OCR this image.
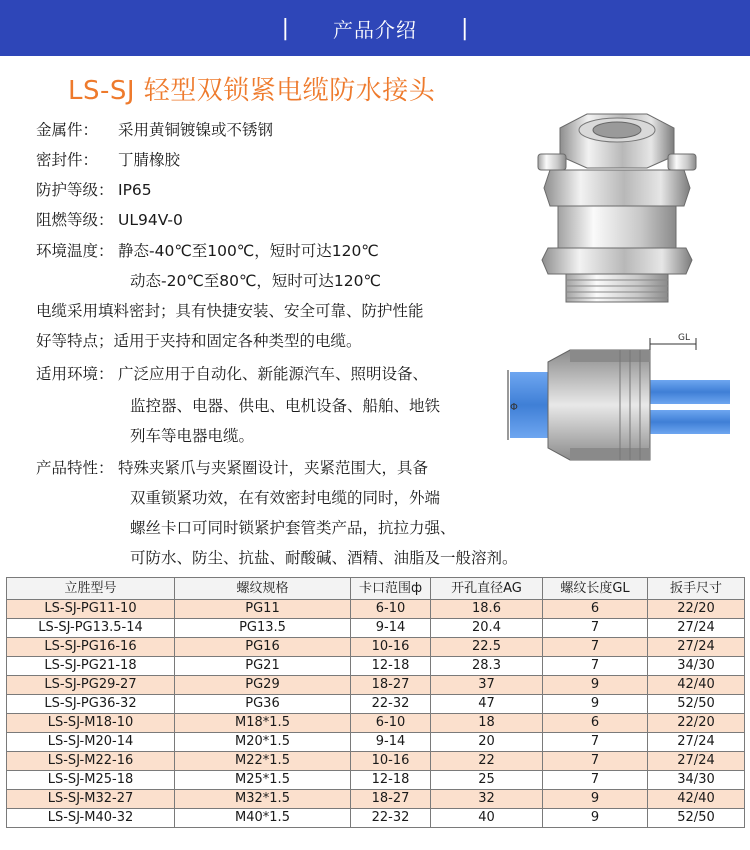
| 产品介绍 |
LS-SJ 轻型双锁紧电缆防水接头
金属件： 采用黄铜镀镍或不锈钢
密封件： 丁腈橡胶
防护等级： IP65
阻燃等级： UL94V-0
环境温度： 静态-40℃至100℃，短时可达120℃
动态-20℃至80℃，短时可达120℃
电缆采用填料密封；具有快捷安装、安全可靠、防护性能
好等特点；适用于夹持和固定各种类型的电缆。
适用环境： 广泛应用于自动化、新能源汽车、照明设备、
监控器、电器、供电、电机设备、船舶、地铁
列车等电器电缆。
产品特性： 特殊夹紧爪与夹紧圈设计，夹紧范围大，具备
双重锁紧功效，在有效密封电缆的同时，外端
螺丝卡口可同时锁紧护套管类产品，抗拉力强、
可防水、防尘、抗盐、耐酸碱、酒精、油脂及一般溶剂。
Φ
GL
立胜型号	螺纹规格	卡口范围ф	开孔直径AG	螺纹长度GL	扳手尺寸
LS-SJ-PG11-10	PG11	6-10	18.6	6	22/20
LS-SJ-PG13.5-14	PG13.5	9-14	20.4	7	27/24
LS-SJ-PG16-16	PG16	10-16	22.5	7	27/24
LS-SJ-PG21-18	PG21	12-18	28.3	7	34/30
LS-SJ-PG29-27	PG29	18-27	37	9	42/40
LS-SJ-PG36-32	PG36	22-32	47	9	52/50
LS-SJ-M18-10	M18*1.5	6-10	18	6	22/20
LS-SJ-M20-14	M20*1.5	9-14	20	7	27/24
LS-SJ-M22-16	M22*1.5	10-16	22	7	27/24
LS-SJ-M25-18	M25*1.5	12-18	25	7	34/30
LS-SJ-M32-27	M32*1.5	18-27	32	9	42/40
LS-SJ-M40-32	M40*1.5	22-32	40	9	52/50
